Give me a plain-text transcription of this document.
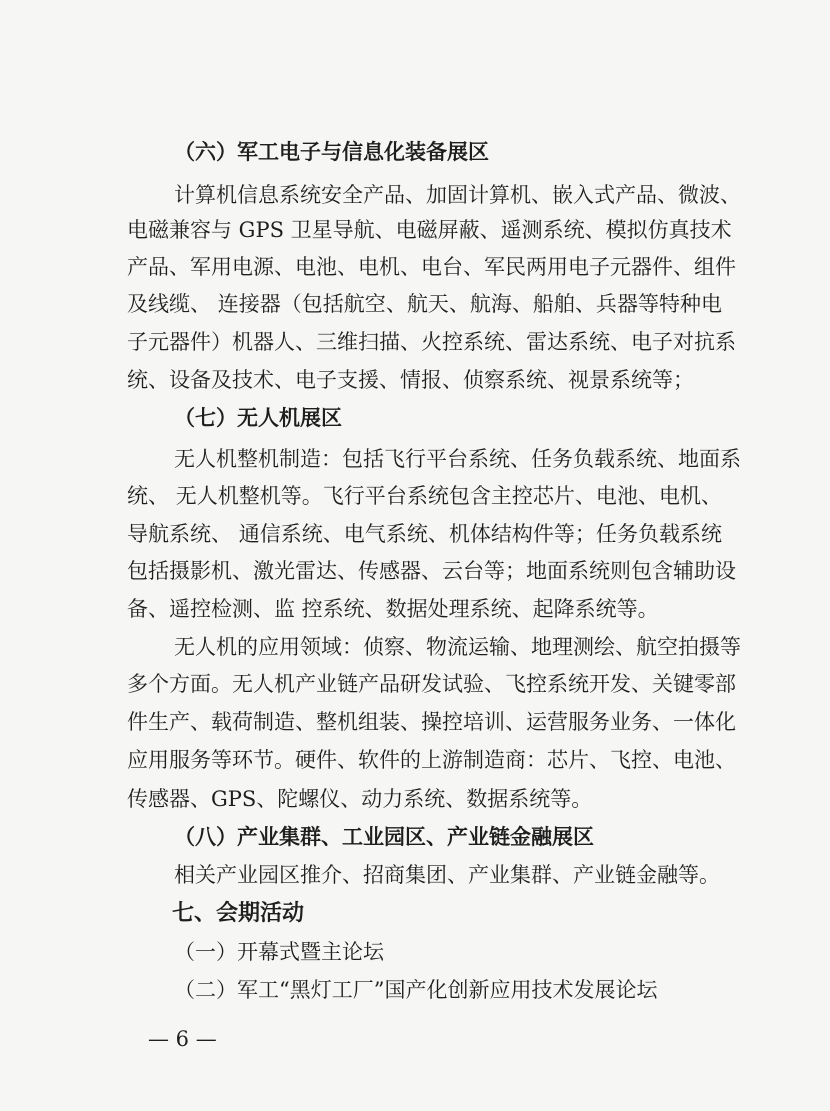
（六）军工电子与信息化装备展区
计算机信息系统安全产品、加固计算机、嵌入式产品、微波、
电磁兼容与 GPS 卫星导航、电磁屏蔽、遥测系统、模拟仿真技术
产品、军用电源、电池、电机、电台、军民两用电子元器件、组件
及线缆、 连接器（包括航空、航天、航海、船舶、兵器等特种电
子元器件）机器人、三维扫描、火控系统、雷达系统、电子对抗系
统、设备及技术、电子支援、情报、侦察系统、视景系统等；
（七）无人机展区
无人机整机制造：包括飞行平台系统、任务负载系统、地面系
统、 无人机整机等。飞行平台系统包含主控芯片、电池、电机、
导航系统、 通信系统、电气系统、机体结构件等；任务负载系统
包括摄影机、激光雷达、传感器、云台等；地面系统则包含辅助设
备、遥控检测、监 控系统、数据处理系统、起降系统等。
无人机的应用领域：侦察、物流运输、地理测绘、航空拍摄等
多个方面。无人机产业链产品研发试验、飞控系统开发、关键零部
件生产、载荷制造、整机组装、操控培训、运营服务业务、一体化
应用服务等环节。硬件、软件的上游制造商：芯片、飞控、电池、
传感器、GPS、陀螺仪、动力系统、数据系统等。
（八）产业集群、工业园区、产业链金融展区
相关产业园区推介、招商集团、产业集群、产业链金融等。
七、会期活动
（一）开幕式暨主论坛
（二）军工“黑灯工厂”国产化创新应用技术发展论坛
— 6 —
